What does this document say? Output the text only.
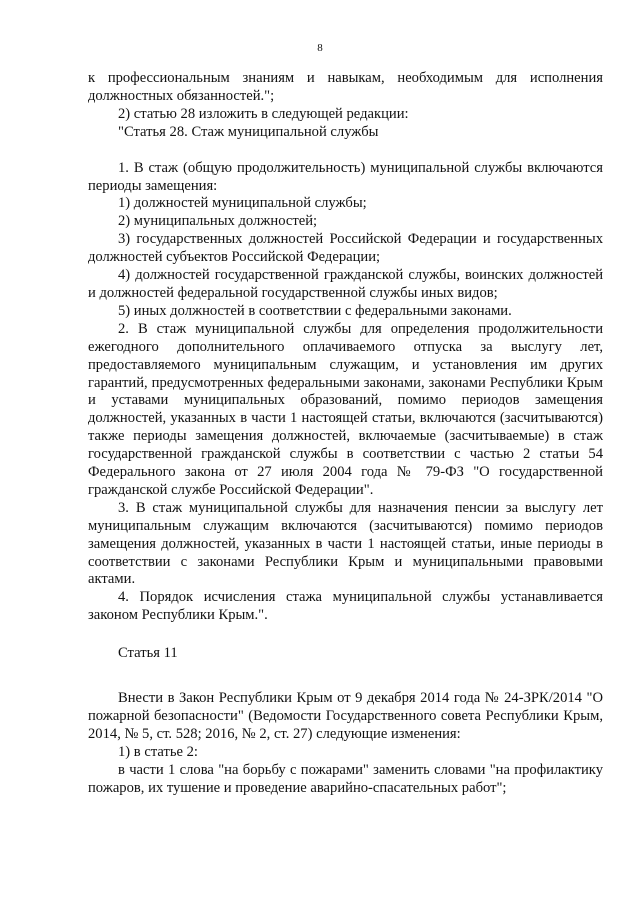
8

к профессиональным знаниям и навыкам, необходимым для исполнения должностных обязанностей.";

2) статью 28 изложить в следующей редакции:

"Статья 28. Стаж муниципальной службы

1. В стаж (общую продолжительность) муниципальной службы включаются периоды замещения:

1) должностей муниципальной службы;

2) муниципальных должностей;

3) государственных должностей Российской Федерации и государственных должностей субъектов Российской Федерации;

4) должностей государственной гражданской службы, воинских должностей и должностей федеральной государственной службы иных видов;

5) иных должностей в соответствии с федеральными законами.

2. В стаж муниципальной службы для определения продолжительности ежегодного дополнительного оплачиваемого отпуска за выслугу лет, предоставляемого муниципальным служащим, и установления им других гарантий, предусмотренных федеральными законами, законами Республики Крым и уставами муниципальных образований, помимо периодов замещения должностей, указанных в части 1 настоящей статьи, включаются (засчитываются) также периоды замещения должностей, включаемые (засчитываемые) в стаж государственной гражданской службы в соответствии с частью 2 статьи 54 Федерального закона от 27 июля 2004 года № 79-ФЗ "О государственной гражданской службе Российской Федерации".

3. В стаж муниципальной службы для назначения пенсии за выслугу лет муниципальным служащим включаются (засчитываются) помимо периодов замещения должностей, указанных в части 1 настоящей статьи, иные периоды в соответствии с законами Республики Крым и муниципальными правовыми актами.

4. Порядок исчисления стажа муниципальной службы устанавливается законом Республики Крым.".

Статья 11

Внести в Закон Республики Крым от 9 декабря 2014 года № 24-ЗРК/2014 "О пожарной безопасности" (Ведомости Государственного совета Республики Крым, 2014, № 5, ст. 528; 2016, № 2, ст. 27) следующие изменения:

1) в статье 2:

в части 1 слова "на борьбу с пожарами" заменить словами "на профилактику пожаров, их тушение и проведение аварийно-спасательных работ";
